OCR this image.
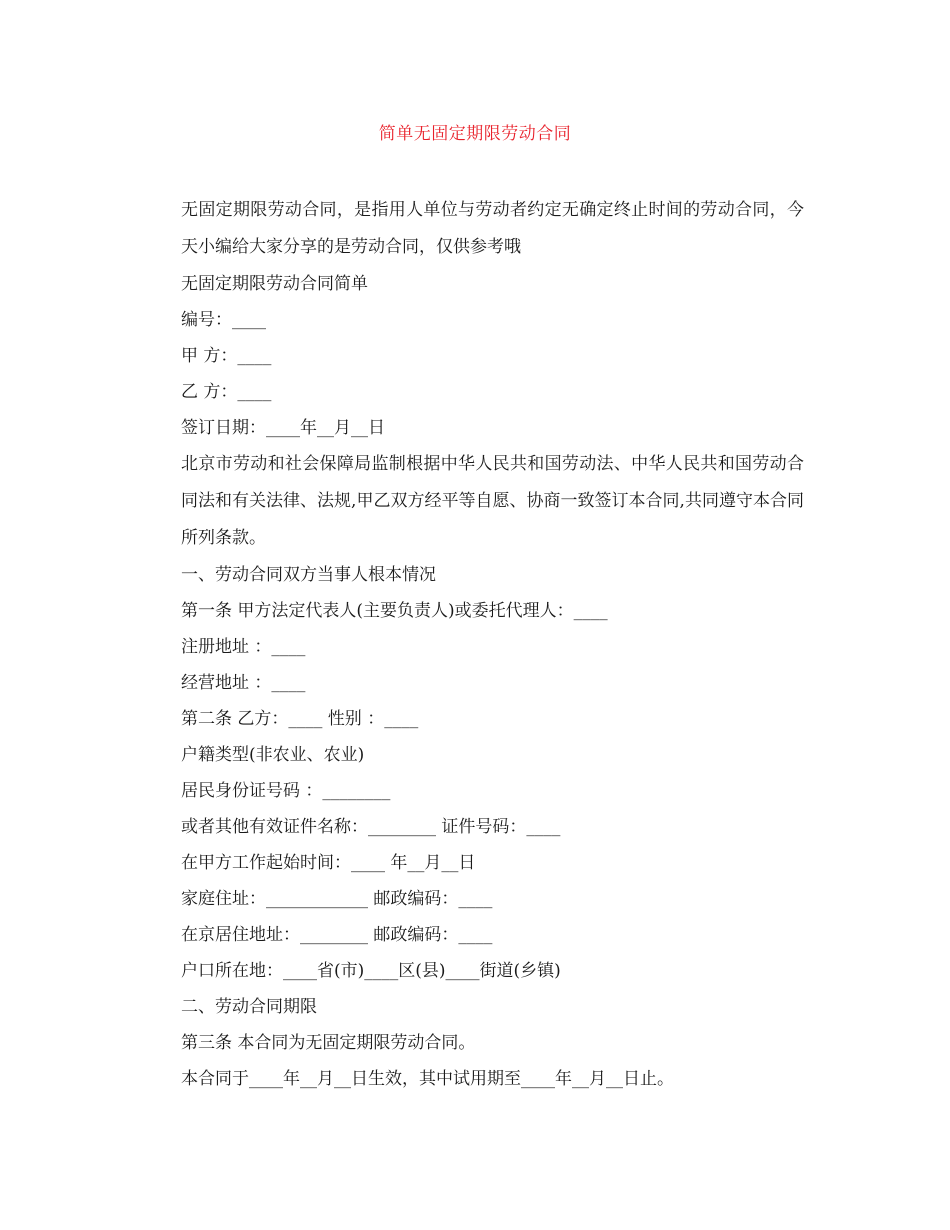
简单无固定期限劳动合同
无固定期限劳动合同，是指用人单位与劳动者约定无确定终止时间的劳动合同，今天小编给大家分享的是劳动合同，仅供参考哦
无固定期限劳动合同简单
编号：____
甲 方：____
乙 方：____
签订日期：____年__月__日
北京市劳动和社会保障局监制根据中华人民共和国劳动法、中华人民共和国劳动合同法和有关法律、法规,甲乙双方经平等自愿、协商一致签订本合同,共同遵守本合同所列条款。
一、劳动合同双方当事人根本情况
第一条 甲方法定代表人(主要负责人)或委托代理人：____
注册地址 ：____
经营地址 ：____
第二条 乙方：____ 性别 ：____
户籍类型(非农业、农业)
居民身份证号码 ：________
或者其他有效证件名称：________ 证件号码：____
在甲方工作起始时间：____ 年__月__日
家庭住址：____________ 邮政编码：____
在京居住地址：________ 邮政编码：____
户口所在地：____省(市)____区(县)____街道(乡镇)
二、劳动合同期限
第三条 本合同为无固定期限劳动合同。
本合同于____年__月__日生效，其中试用期至____年__月__日止。
